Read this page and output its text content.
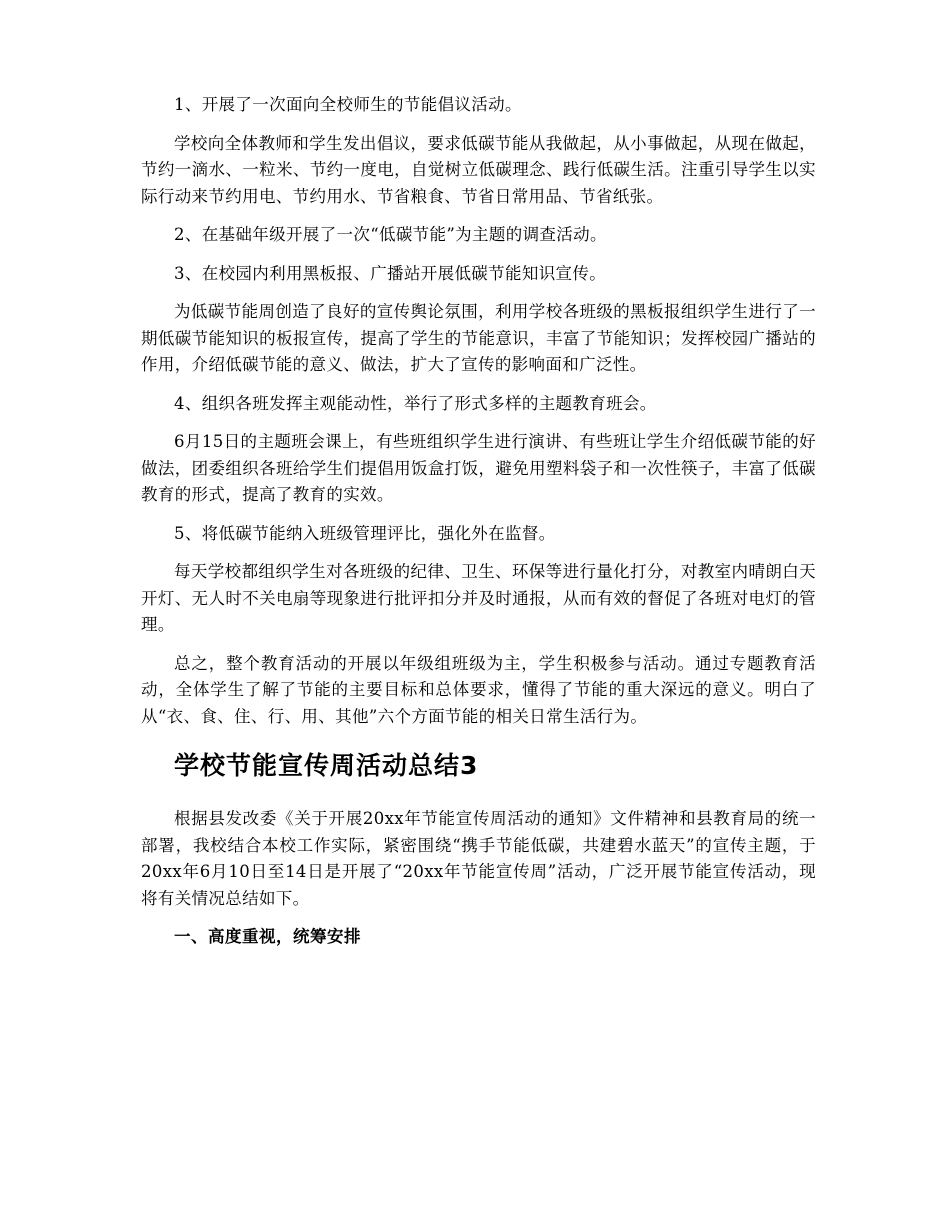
1、开展了一次面向全校师生的节能倡议活动。

学校向全体教师和学生发出倡议，要求低碳节能从我做起，从小事做起，从现在做起，节约一滴水、一粒米、节约一度电，自觉树立低碳理念、践行低碳生活。注重引导学生以实际行动来节约用电、节约用水、节省粮食、节省日常用品、节省纸张。

2、在基础年级开展了一次“低碳节能”为主题的调查活动。

3、在校园内利用黑板报、广播站开展低碳节能知识宣传。

为低碳节能周创造了良好的宣传舆论氛围，利用学校各班级的黑板报组织学生进行了一期低碳节能知识的板报宣传，提高了学生的节能意识，丰富了节能知识；发挥校园广播站的作用，介绍低碳节能的意义、做法，扩大了宣传的影响面和广泛性。

4、组织各班发挥主观能动性，举行了形式多样的主题教育班会。

6月15日的主题班会课上，有些班组织学生进行演讲、有些班让学生介绍低碳节能的好做法，团委组织各班给学生们提倡用饭盒打饭，避免用塑料袋子和一次性筷子，丰富了低碳教育的形式，提高了教育的实效。

5、将低碳节能纳入班级管理评比，强化外在监督。

每天学校都组织学生对各班级的纪律、卫生、环保等进行量化打分，对教室内晴朗白天开灯、无人时不关电扇等现象进行批评扣分并及时通报，从而有效的督促了各班对电灯的管理。

总之，整个教育活动的开展以年级组班级为主，学生积极参与活动。通过专题教育活动，全体学生了解了节能的主要目标和总体要求，懂得了节能的重大深远的意义。明白了从“衣、食、住、行、用、其他”六个方面节能的相关日常生活行为。

学校节能宣传周活动总结3

根据县发改委《关于开展20xx年节能宣传周活动的通知》文件精神和县教育局的统一部署，我校结合本校工作实际，紧密围绕“携手节能低碳，共建碧水蓝天”的宣传主题，于20xx年6月10日至14日是开展了“20xx年节能宣传周”活动，广泛开展节能宣传活动，现将有关情况总结如下。

一、高度重视，统筹安排
